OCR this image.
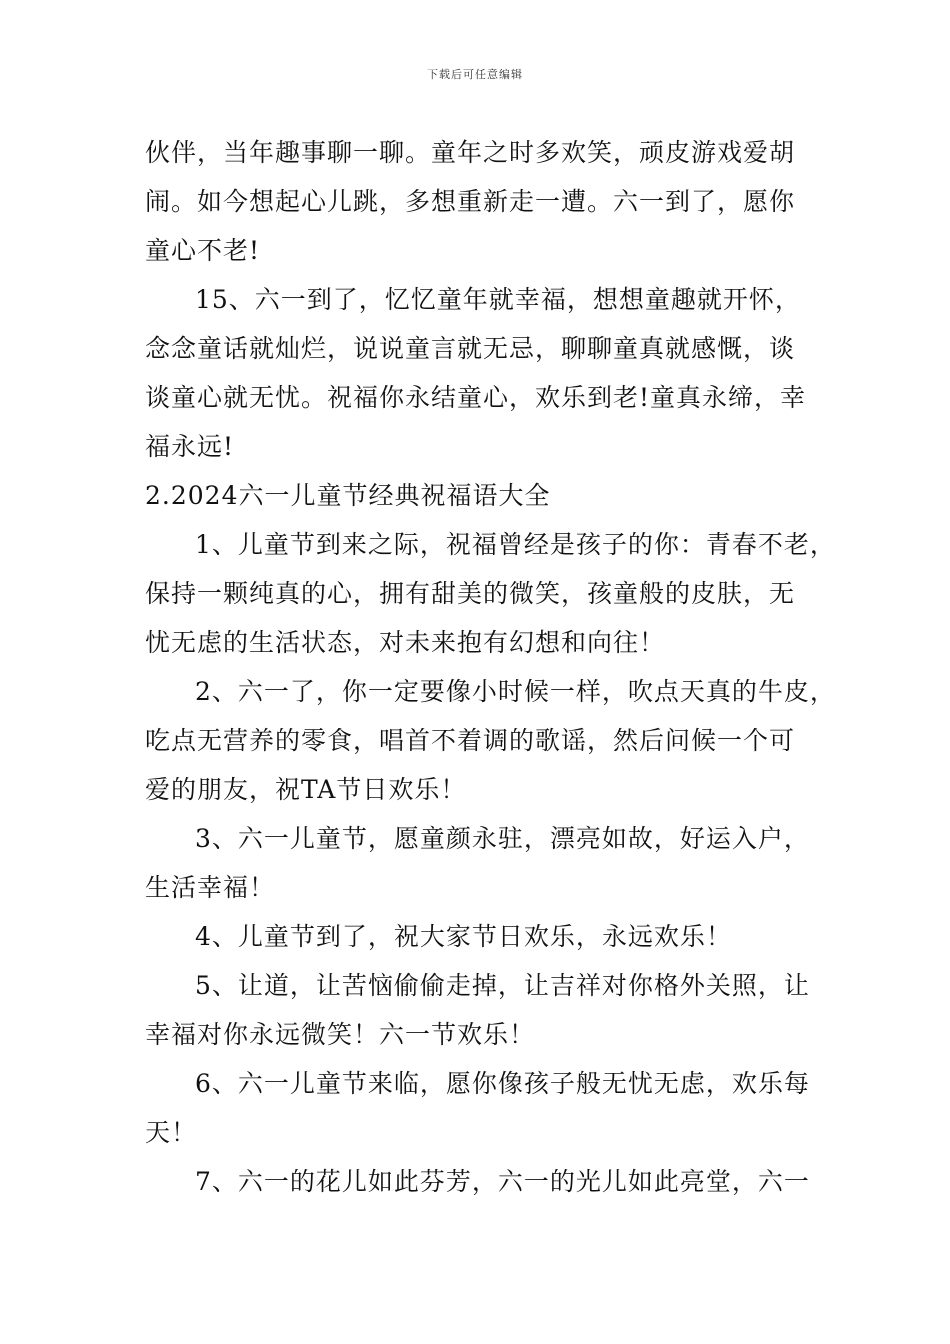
下载后可任意编辑
伙伴，当年趣事聊一聊。童年之时多欢笑，顽皮游戏爱胡
闹。如今想起心儿跳，多想重新走一遭。六一到了，愿你
童心不老!
15、六一到了，忆忆童年就幸福，想想童趣就开怀，
念念童话就灿烂，说说童言就无忌，聊聊童真就感慨，谈
谈童心就无忧。祝福你永结童心，欢乐到老!童真永缔，幸
福永远!
2.2024六一儿童节经典祝福语大全
1、儿童节到来之际，祝福曾经是孩子的你：青春不老，
保持一颗纯真的心，拥有甜美的微笑，孩童般的皮肤，无
忧无虑的生活状态，对未来抱有幻想和向往！
2、六一了，你一定要像小时候一样，吹点天真的牛皮，
吃点无营养的零食，唱首不着调的歌谣，然后问候一个可
爱的朋友，祝TA节日欢乐！
3、六一儿童节，愿童颜永驻，漂亮如故，好运入户，
生活幸福！
4、儿童节到了，祝大家节日欢乐，永远欢乐！
5、让道，让苦恼偷偷走掉，让吉祥对你格外关照，让
幸福对你永远微笑！六一节欢乐！
6、六一儿童节来临，愿你像孩子般无忧无虑，欢乐每
天！
7、六一的花儿如此芬芳，六一的光儿如此亮堂，六一
